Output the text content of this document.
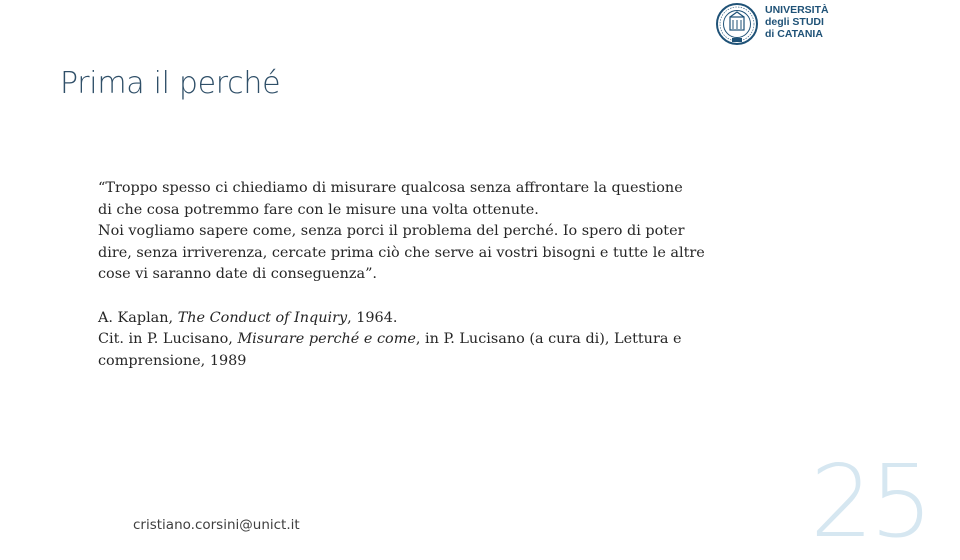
UNIVERSITÀ
degli STUDI
di CATANIA
Prima il perché

“Troppo spesso ci chiediamo di misurare qualcosa senza affrontare la questione
di che cosa potremmo fare con le misure una volta ottenute.
Noi vogliamo sapere come, senza porci il problema del perché. Io spero di poter
dire, senza irriverenza, cercate prima ciò che serve ai vostri bisogni e tutte le altre
cose vi saranno date di conseguenza”.

A. Kaplan, The Conduct of Inquiry, 1964.
Cit. in P. Lucisano, Misurare perché e come, in P. Lucisano (a cura di), Lettura e
comprensione, 1989

cristiano.corsini@unict.it	25
